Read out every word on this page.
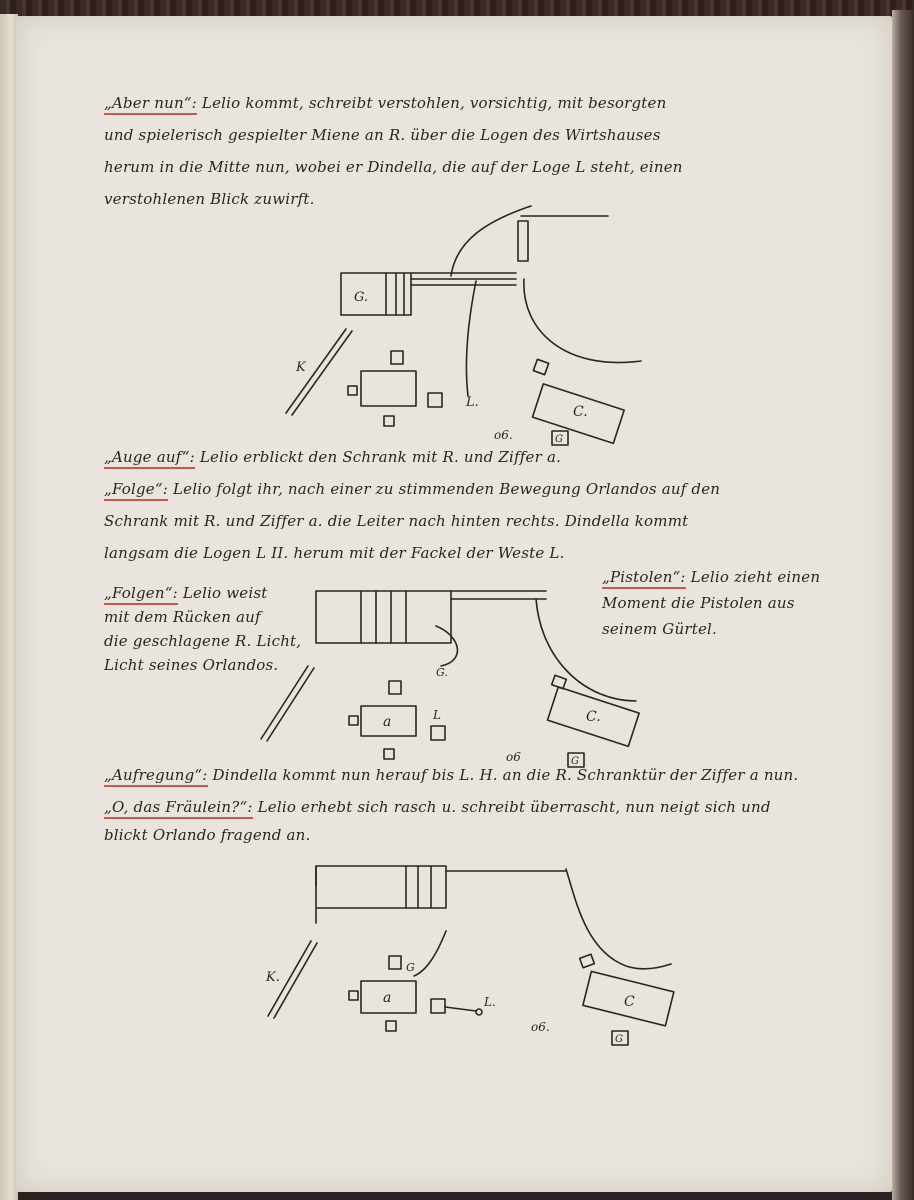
„Aber nun“: Lelio kommt, schreibt verstohlen, vorsichtig, mit besorgten

und spielerisch gespielter Miene an R. über die Logen des Wirtshauses

herum in die Mitte nun, wobei er Dindella, die auf der Loge L steht, einen

verstohlenen Blick zuwirft.

G.
K
L.
C.
o6.	G

„Auge auf“: Lelio erblickt den Schrank mit R. und Ziffer a.

„Folge“: Lelio folgt ihr, nach einer zu stimmenden Bewegung Orlandos auf den

Schrank mit R. und Ziffer a. die Leiter nach hinten rechts. Dindella kommt

langsam die Logen L II. herum mit der Fackel der Weste L.

„Folgen“: Lelio weist

mit dem Rücken auf

die geschlagene R. Licht,

Licht seines Orlandos.

„Pistolen“: Lelio zieht einen

Moment die Pistolen aus

seinem Gürtel.

G.
a	L	C.
o6	G

„Aufregung“: Dindella kommt nun herauf bis L. H. an die R. Schranktür der Ziffer a nun.

„O, das Fräulein?“: Lelio erhebt sich rasch u. schreibt überrascht, nun neigt sich und

blickt Orlando fragend an.

K.
G
a	L.	C
o6.
G
